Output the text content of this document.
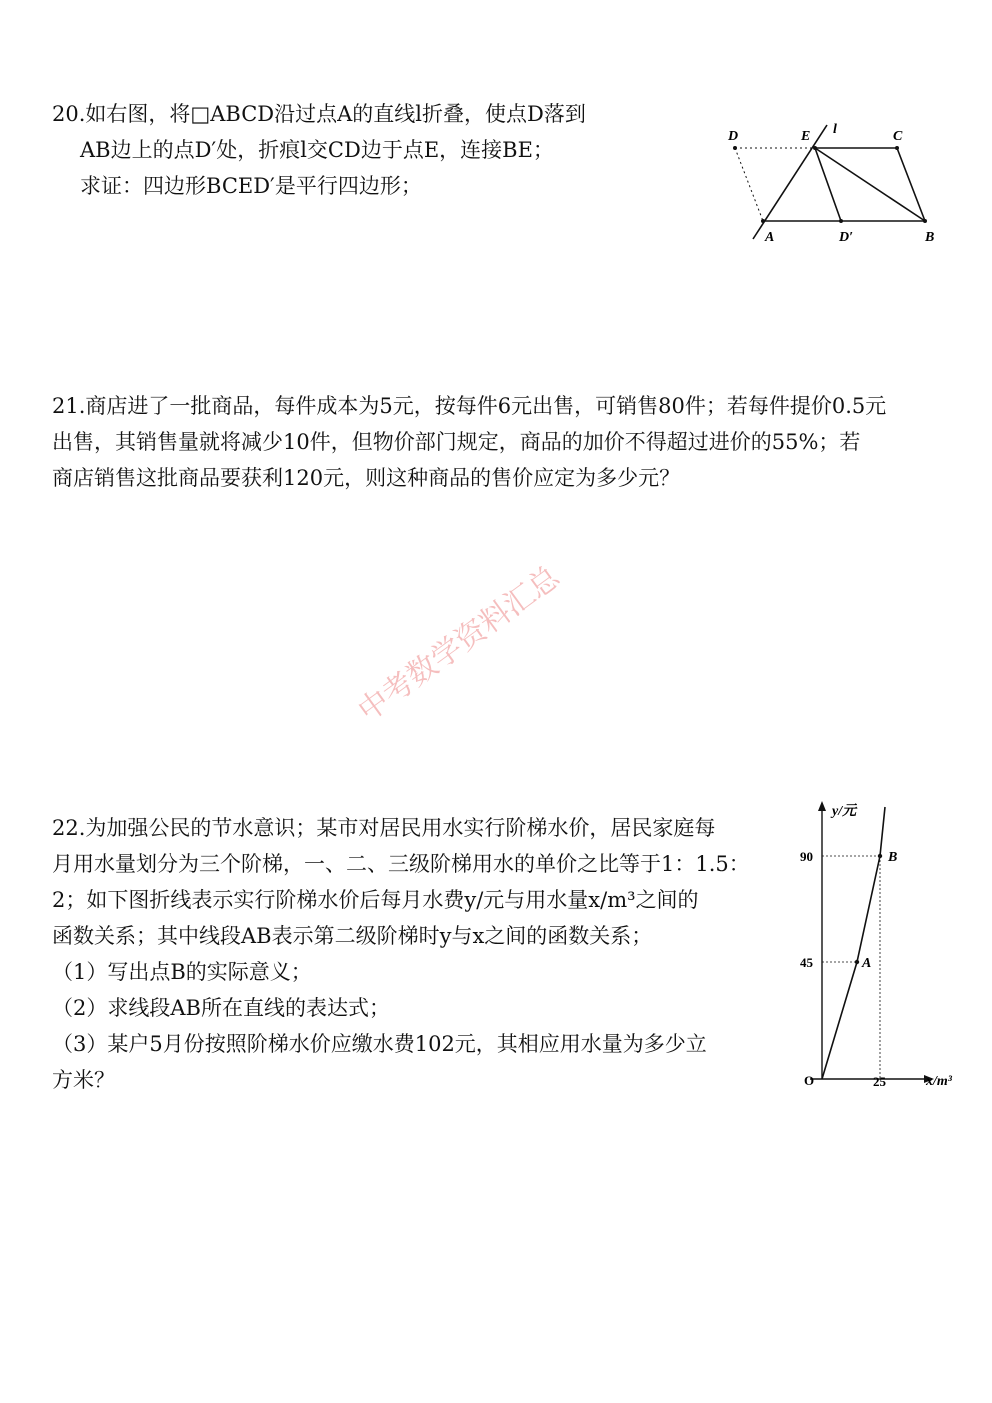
20.如右图，将□ABCD沿过点A的直线l折叠，使点D落到

AB边上的点D′处，折痕l交CD边于点E，连接BE；

求证：四边形BCED′是平行四边形；

D	E l	C
A	D′	B

21.商店进了一批商品，每件成本为5元，按每件6元出售，可销售80件；若每件提价0.5元

出售，其销售量就将减少10件，但物价部门规定，商品的加价不得超过进价的55%；若

商店销售这批商品要获利120元，则这种商品的售价应定为多少元？

中考数学资料汇总

22.为加强公民的节水意识；某市对居民用水实行阶梯水价，居民家庭每

月用水量划分为三个阶梯，一、二、三级阶梯用水的单价之比等于1：1.5：

2；如下图折线表示实行阶梯水价后每月水费y/元与用水量x/m³之间的

函数关系；其中线段AB表示第二级阶梯时y与x之间的函数关系；

（1）写出点B的实际意义；

（2）求线段AB所在直线的表达式；

（3）某户5月份按照阶梯水价应缴水费102元，其相应用水量为多少立

方米？

y/元
x/m³
O
90
45
25
A
B
